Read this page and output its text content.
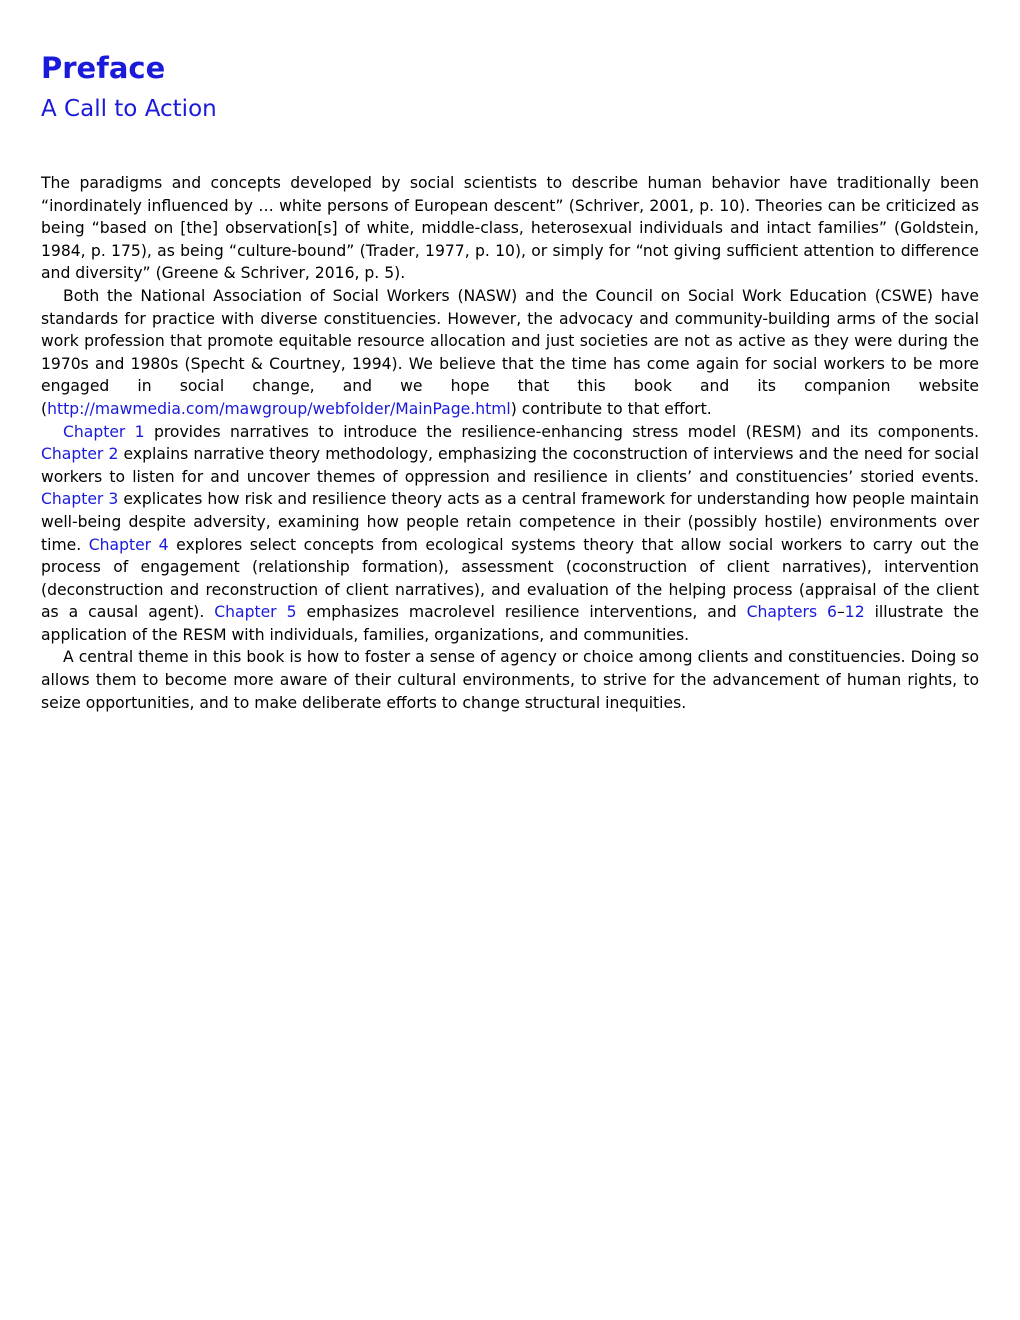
Preface
A Call to Action

The paradigms and concepts developed by social scientists to describe human behavior have traditionally been “inordinately influenced by … white persons of European descent” (Schriver, 2001, p. 10). Theories can be criticized as being “based on [the] observation[s] of white, middle-class, heterosexual individuals and intact families” (Goldstein, 1984, p. 175), as being “culture-bound” (Trader, 1977, p. 10), or simply for “not giving sufficient attention to difference and diversity” (Greene & Schriver, 2016, p. 5).

Both the National Association of Social Workers (NASW) and the Council on Social Work Education (CSWE) have standards for practice with diverse constituencies. However, the advocacy and community-building arms of the social work profession that promote equitable resource allocation and just societies are not as active as they were during the 1970s and 1980s (Specht & Courtney, 1994). We believe that the time has come again for social workers to be more engaged in social change, and we hope that this book and its companion website (http://mawmedia.com/mawgroup/webfolder/MainPage.html) contribute to that effort.

Chapter 1 provides narratives to introduce the resilience-enhancing stress model (RESM) and its components. Chapter 2 explains narrative theory methodology, emphasizing the coconstruction of interviews and the need for social workers to listen for and uncover themes of oppression and resilience in clients’ and constituencies’ storied events. Chapter 3 explicates how risk and resilience theory acts as a central framework for understanding how people maintain well-being despite adversity, examining how people retain competence in their (possibly hostile) environments over time. Chapter 4 explores select concepts from ecological systems theory that allow social workers to carry out the process of engagement (relationship formation), assessment (coconstruction of client narratives), intervention (deconstruction and reconstruction of client narratives), and evaluation of the helping process (appraisal of the client as a causal agent). Chapter 5 emphasizes macrolevel resilience interventions, and Chapters 6–12 illustrate the application of the RESM with individuals, families, organizations, and communities.

A central theme in this book is how to foster a sense of agency or choice among clients and constituencies. Doing so allows them to become more aware of their cultural environments, to strive for the advancement of human rights, to seize opportunities, and to make deliberate efforts to change structural inequities.
